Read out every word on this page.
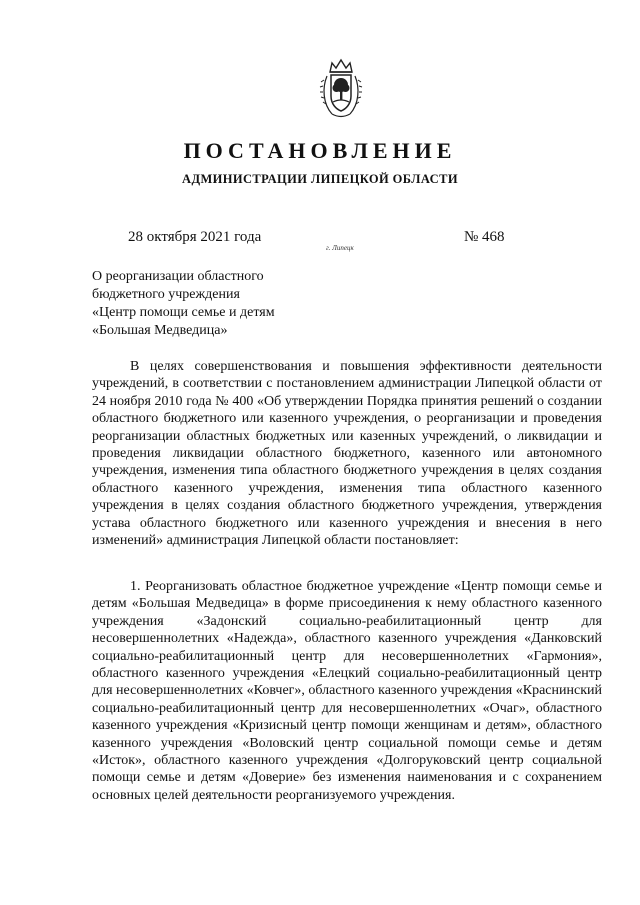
ПОСТАНОВЛЕНИЕ
АДМИНИСТРАЦИИ ЛИПЕЦКОЙ ОБЛАСТИ
28 октября 2021 года
г. Липецк
№ 468
О реорганизации областного
бюджетного учреждения
«Центр помощи семье и детям
«Большая Медведица»

В целях совершенствования и повышения эффективности деятельности учреждений, в соответствии с постановлением администрации Липецкой области от 24 ноября 2010 года № 400 «Об утверждении Порядка принятия решений о создании областного бюджетного или казенного учреждения, о реорганизации и проведения реорганизации областных бюджетных или казенных учреждений, о ликвидации и проведения ликвидации областного бюджетного, казенного или автономного учреждения, изменения типа областного бюджетного учреждения в целях создания областного казенного учреждения, изменения типа областного казенного учреждения в целях создания областного бюджетного учреждения, утверждения устава областного бюджетного или казенного учреждения и внесения в него изменений» администрация Липецкой области постановляет:

1. Реорганизовать областное бюджетное учреждение «Центр помощи семье и детям «Большая Медведица» в форме присоединения к нему областного казенного учреждения «Задонский социально-реабилитационный центр для несовершеннолетних «Надежда», областного казенного учреждения «Данковский социально-реабилитационный центр для несовершеннолетних «Гармония», областного казенного учреждения «Елецкий социально-реабилитационный центр для несовершеннолетних «Ковчег», областного казенного учреждения «Краснинский социально-реабилитационный центр для несовершеннолетних «Очаг», областного казенного учреждения «Кризисный центр помощи женщинам и детям», областного казенного учреждения «Воловский центр социальной помощи семье и детям «Исток», областного казенного учреждения «Долгоруковский центр социальной помощи семье и детям «Доверие» без изменения наименования и с сохранением основных целей деятельности реорганизуемого учреждения.
